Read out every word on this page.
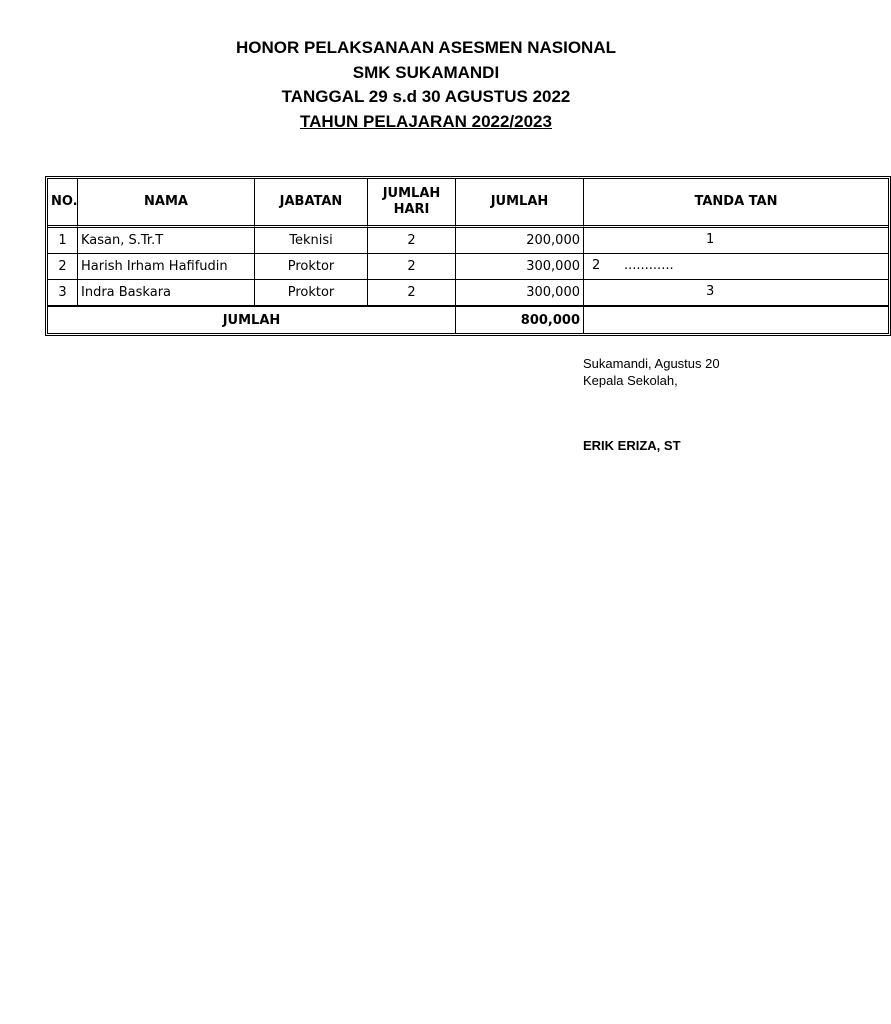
HONOR PELAKSANAAN ASESMEN NASIONAL
SMK SUKAMANDI
TANGGAL 29 s.d 30 AGUSTUS 2022
TAHUN PELAJARAN 2022/2023
NO.	NAMA	JABATAN	JUMLAH HARI	JUMLAH	TANDA TAN
1	Kasan, S.Tr.T	Teknisi	2	200,000	1

2	Harish Irham Hafifudin	Proktor	2	300,000	2 ............

3	Indra Baskara	Proktor	2	300,000	3

JUMLAH				800,000	
Sukamandi, Agustus 20
Kepala Sekolah,
ERIK ERIZA, ST
